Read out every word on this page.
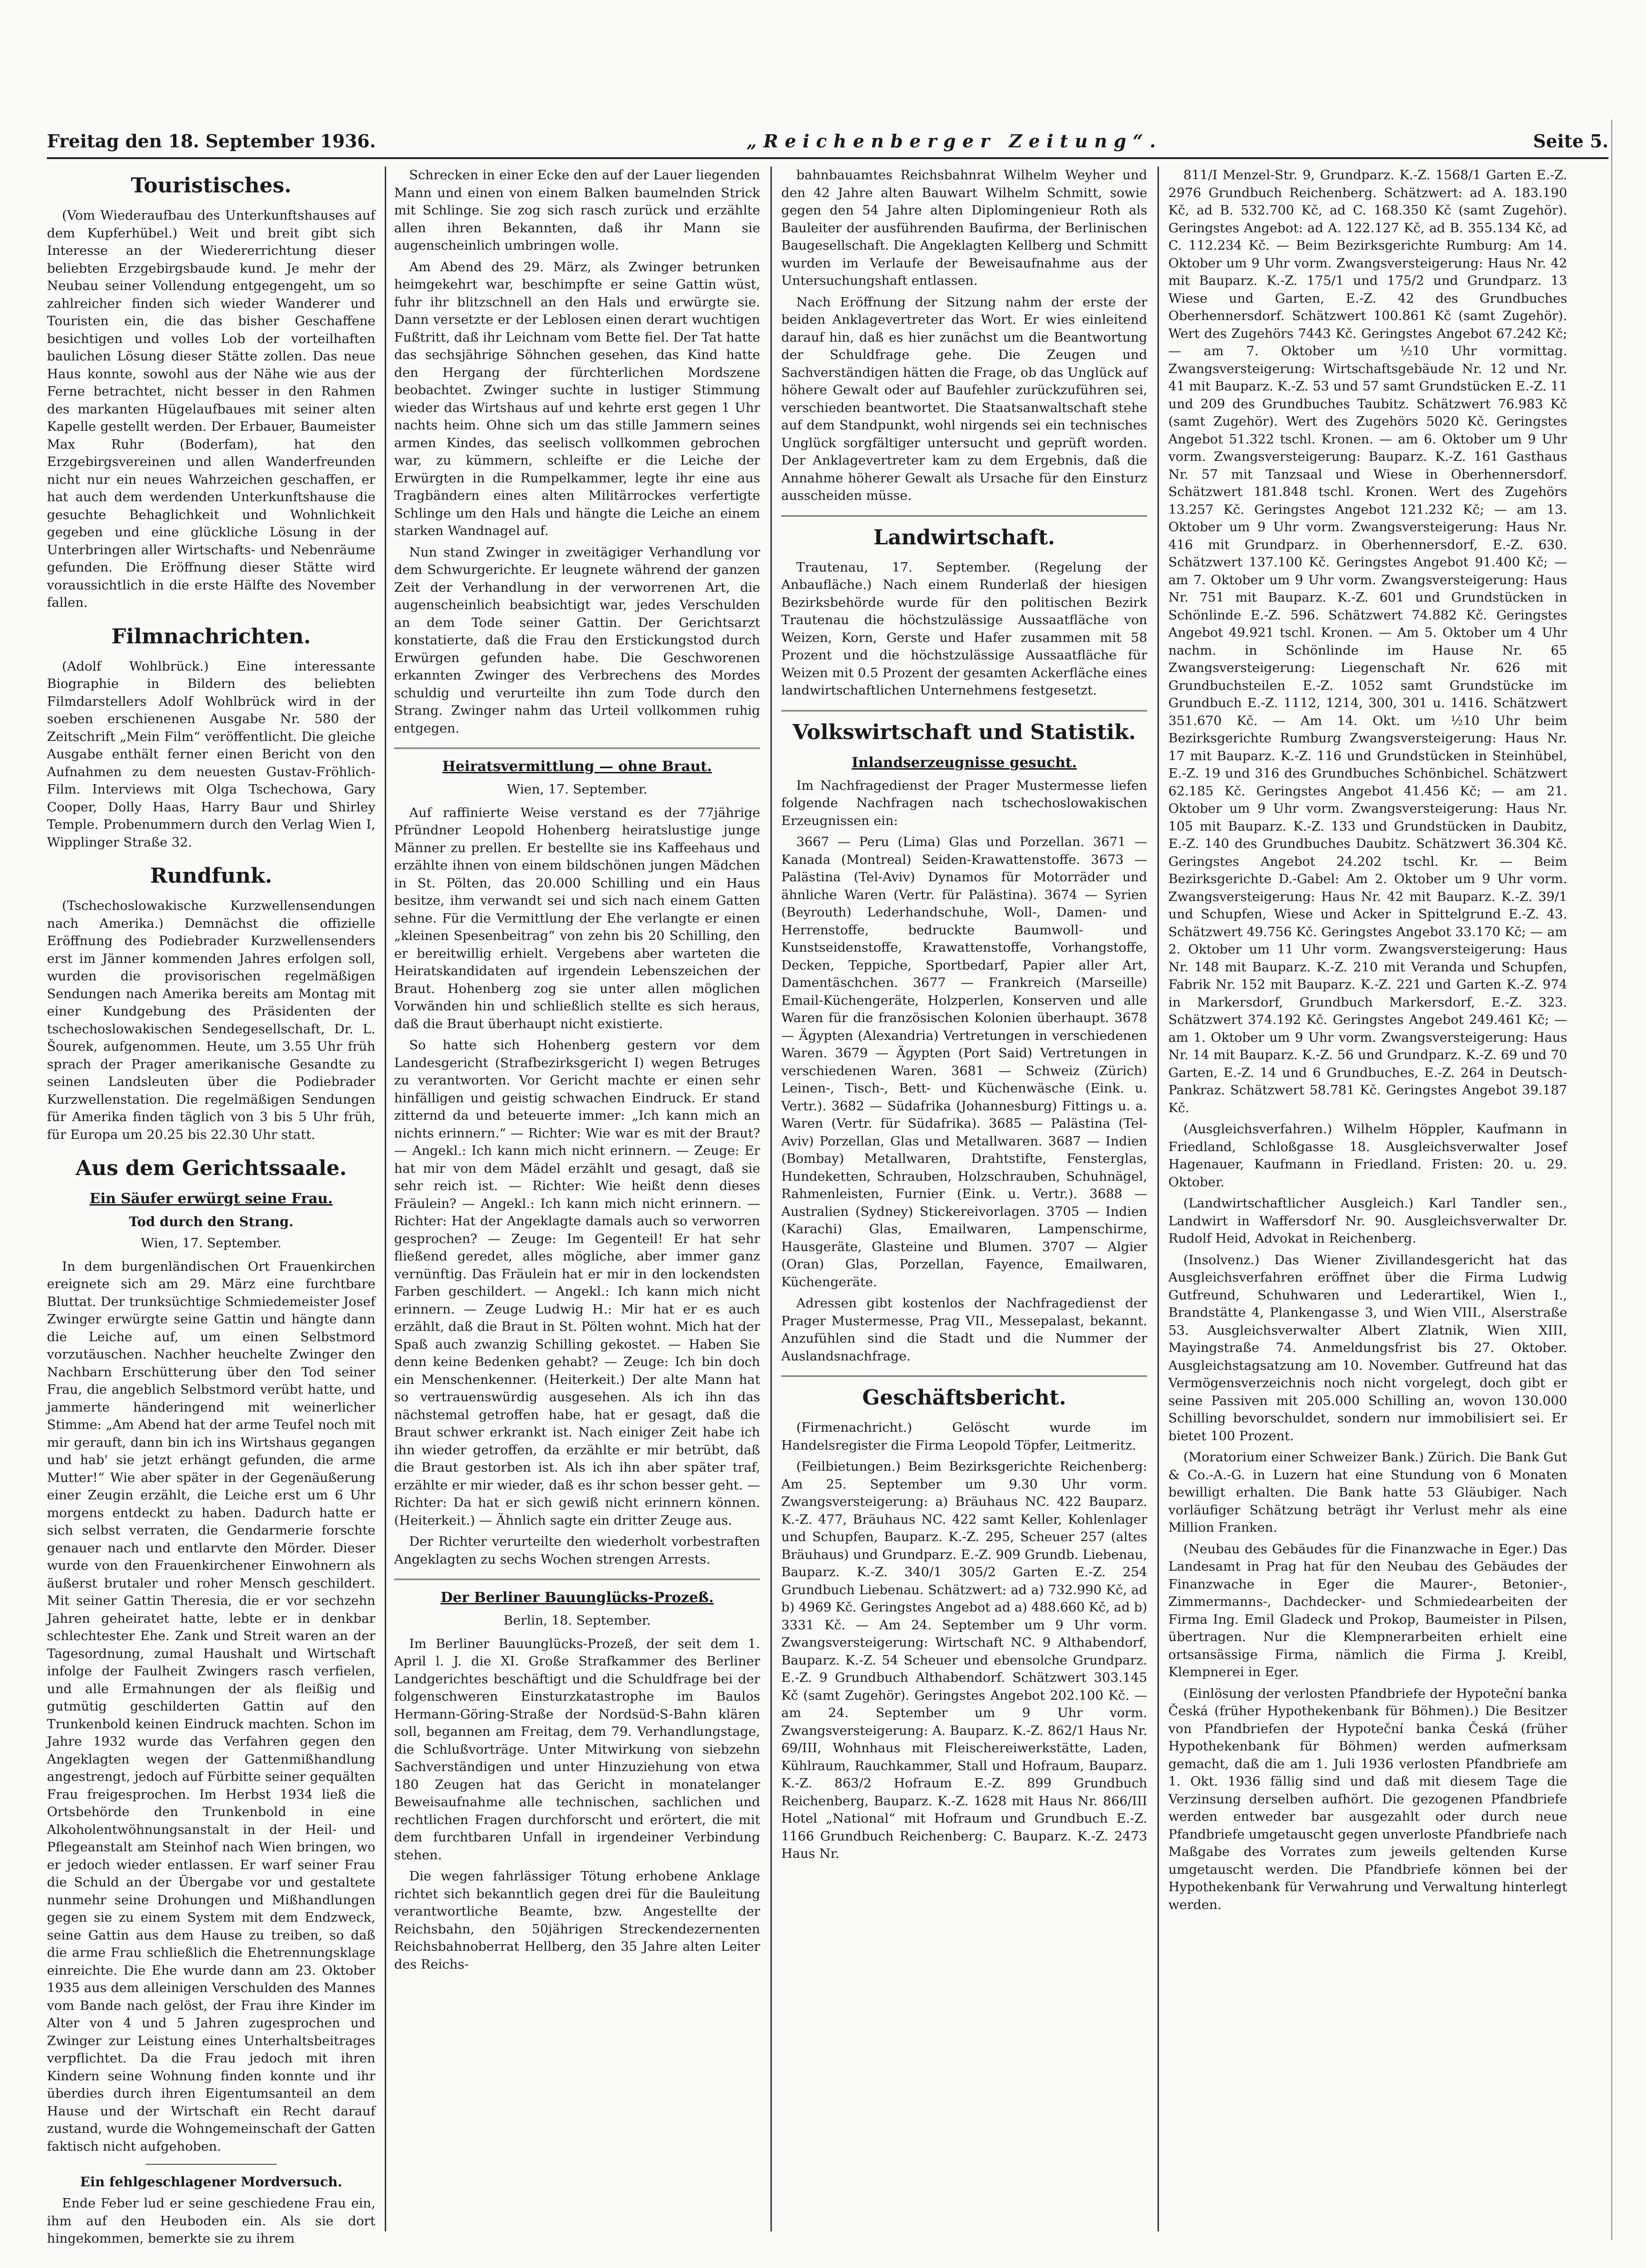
Freitag den 18. September 1936.	„Reichenberger Zeitung“.	Seite 5.
Touristisches.

(Vom Wiederaufbau des Unterkunftshauses auf dem Kupferhübel.) Weit und breit gibt sich Interesse an der Wiedererrichtung dieser beliebten Erzgebirgsbaude kund. Je mehr der Neubau seiner Vollendung entgegengeht, um so zahlreicher finden sich wieder Wanderer und Touristen ein, die das bisher Geschaffene besichtigen und volles Lob der vorteilhaften baulichen Lösung dieser Stätte zollen. Das neue Haus konnte, sowohl aus der Nähe wie aus der Ferne betrachtet, nicht besser in den Rahmen des markanten Hügelaufbaues mit seiner alten Kapelle gestellt werden. Der Erbauer, Baumeister Max Ruhr (Boderfam), hat den Erzgebirgsvereinen und allen Wanderfreunden nicht nur ein neues Wahrzeichen geschaffen, er hat auch dem werdenden Unterkunftshause die gesuchte Behaglichkeit und Wohnlichkeit gegeben und eine glückliche Lösung in der Unterbringen aller Wirtschafts- und Nebenräume gefunden. Die Eröffnung dieser Stätte wird voraussichtlich in die erste Hälfte des November fallen.

Filmnachrichten.

(Adolf Wohlbrück.) Eine interessante Biographie in Bildern des beliebten Filmdarstellers Adolf Wohlbrück wird in der soeben erschienenen Ausgabe Nr. 580 der Zeitschrift „Mein Film“ veröffentlicht. Die gleiche Ausgabe enthält ferner einen Bericht von den Aufnahmen zu dem neuesten Gustav-Fröhlich-Film. Interviews mit Olga Tschechowa, Gary Cooper, Dolly Haas, Harry Baur und Shirley Temple. Probenummern durch den Verlag Wien I, Wipplinger Straße 32.

Rundfunk.

(Tschechoslowakische Kurzwellensendungen nach Amerika.) Demnächst die offizielle Eröffnung des Podiebrader Kurzwellensenders erst im Jänner kommenden Jahres erfolgen soll, wurden die provisorischen regelmäßigen Sendungen nach Amerika bereits am Montag mit einer Kundgebung des Präsidenten der tschechoslowakischen Sendegesellschaft, Dr. L. Šourek, aufgenommen. Heute, um 3.55 Uhr früh sprach der Prager amerikanische Gesandte zu seinen Landsleuten über die Podiebrader Kurzwellenstation. Die regelmäßigen Sendungen für Amerika finden täglich von 3 bis 5 Uhr früh, für Europa um 20.25 bis 22.30 Uhr statt.

Aus dem Gerichtssaale.
Ein Säufer erwürgt seine Frau.
Tod durch den Strang.
Wien, 17. September.

In dem burgenländischen Ort Frauenkirchen ereignete sich am 29. März eine furchtbare Bluttat. Der trunksüchtige Schmiedemeister Josef Zwinger erwürgte seine Gattin und hängte dann die Leiche auf, um einen Selbstmord vorzutäuschen. Nachher heuchelte Zwinger den Nachbarn Erschütterung über den Tod seiner Frau, die angeblich Selbstmord verübt hatte, und jammerte händeringend mit weinerlicher Stimme: „Am Abend hat der arme Teufel noch mit mir gerauft, dann bin ich ins Wirtshaus gegangen und hab' sie jetzt erhängt gefunden, die arme Mutter!“ Wie aber später in der Gegenäußerung einer Zeugin erzählt, die Leiche erst um 6 Uhr morgens entdeckt zu haben. Dadurch hatte er sich selbst verraten, die Gendarmerie forschte genauer nach und entlarvte den Mörder. Dieser wurde von den Frauenkirchener Einwohnern als äußerst brutaler und roher Mensch geschildert. Mit seiner Gattin Theresia, die er vor sechzehn Jahren geheiratet hatte, lebte er in denkbar schlechtester Ehe. Zank und Streit waren an der Tagesordnung, zumal Haushalt und Wirtschaft infolge der Faulheit Zwingers rasch verfielen, und alle Ermahnungen der als fleißig und gutmütig geschilderten Gattin auf den Trunkenbold keinen Eindruck machten. Schon im Jahre 1932 wurde das Verfahren gegen den Angeklagten wegen der Gattenmißhandlung angestrengt, jedoch auf Fürbitte seiner gequälten Frau freigesprochen. Im Herbst 1934 ließ die Ortsbehörde den Trunkenbold in eine Alkoholentwöhnungsanstalt in der Heil- und Pflegeanstalt am Steinhof nach Wien bringen, wo er jedoch wieder entlassen. Er warf seiner Frau die Schuld an der Übergabe vor und gestaltete nunmehr seine Drohungen und Mißhandlungen gegen sie zu einem System mit dem Endzweck, seine Gattin aus dem Hause zu treiben, so daß die arme Frau schließlich die Ehetrennungsklage einreichte. Die Ehe wurde dann am 23. Oktober 1935 aus dem alleinigen Verschulden des Mannes vom Bande nach gelöst, der Frau ihre Kinder im Alter von 4 und 5 Jahren zugesprochen und Zwinger zur Leistung eines Unterhaltsbeitrages verpflichtet. Da die Frau jedoch mit ihren Kindern seine Wohnung finden konnte und ihr überdies durch ihren Eigentumsanteil an dem Hause und der Wirtschaft ein Recht darauf zustand, wurde die Wohngemeinschaft der Gatten faktisch nicht aufgehoben.

Ein fehlgeschlagener Mordversuch.

Ende Feber lud er seine geschiedene Frau ein, ihm auf den Heuboden ein. Als sie dort hingekommen, bemerkte sie zu ihrem

Schrecken in einer Ecke den auf der Lauer liegenden Mann und einen von einem Balken baumelnden Strick mit Schlinge. Sie zog sich rasch zurück und erzählte allen ihren Bekannten, daß ihr Mann sie augenscheinlich umbringen wolle.

Am Abend des 29. März, als Zwinger betrunken heimgekehrt war, beschimpfte er seine Gattin wüst, fuhr ihr blitzschnell an den Hals und erwürgte sie. Dann versetzte er der Leblosen einen derart wuchtigen Fußtritt, daß ihr Leichnam vom Bette fiel. Der Tat hatte das sechsjährige Söhnchen gesehen, das Kind hatte den Hergang der fürchterlichen Mordszene beobachtet. Zwinger suchte in lustiger Stimmung wieder das Wirtshaus auf und kehrte erst gegen 1 Uhr nachts heim. Ohne sich um das stille Jammern seines armen Kindes, das seelisch vollkommen gebrochen war, zu kümmern, schleifte er die Leiche der Erwürgten in die Rumpelkammer, legte ihr eine aus Tragbändern eines alten Militärrockes verfertigte Schlinge um den Hals und hängte die Leiche an einem starken Wandnagel auf.

Nun stand Zwinger in zweitägiger Verhandlung vor dem Schwurgerichte. Er leugnete während der ganzen Zeit der Verhandlung in der verworrenen Art, die augenscheinlich beabsichtigt war, jedes Verschulden an dem Tode seiner Gattin. Der Gerichtsarzt konstatierte, daß die Frau den Erstickungstod durch Erwürgen gefunden habe. Die Geschworenen erkannten Zwinger des Verbrechens des Mordes schuldig und verurteilte ihn zum Tode durch den Strang. Zwinger nahm das Urteil vollkommen ruhig entgegen.

Heiratsvermittlung — ohne Braut.
Wien, 17. September.

Auf raffinierte Weise verstand es der 77jährige Pfründner Leopold Hohenberg heiratslustige junge Männer zu prellen. Er bestellte sie ins Kaffeehaus und erzählte ihnen von einem bildschönen jungen Mädchen in St. Pölten, das 20.000 Schilling und ein Haus besitze, ihm verwandt sei und sich nach einem Gatten sehne. Für die Vermittlung der Ehe verlangte er einen „kleinen Spesenbeitrag“ von zehn bis 20 Schilling, den er bereitwillig erhielt. Vergebens aber warteten die Heiratskandidaten auf irgendein Lebenszeichen der Braut. Hohenberg zog sie unter allen möglichen Vorwänden hin und schließlich stellte es sich heraus, daß die Braut überhaupt nicht existierte.

So hatte sich Hohenberg gestern vor dem Landesgericht (Strafbezirksgericht I) wegen Betruges zu verantworten. Vor Gericht machte er einen sehr hinfälligen und geistig schwachen Eindruck. Er stand zitternd da und beteuerte immer: „Ich kann mich an nichts erinnern.“ — Richter: Wie war es mit der Braut? — Angekl.: Ich kann mich nicht erinnern. — Zeuge: Er hat mir von dem Mädel erzählt und gesagt, daß sie sehr reich ist. — Richter: Wie heißt denn dieses Fräulein? — Angekl.: Ich kann mich nicht erinnern. — Richter: Hat der Angeklagte damals auch so verworren gesprochen? — Zeuge: Im Gegenteil! Er hat sehr fließend geredet, alles mögliche, aber immer ganz vernünftig. Das Fräulein hat er mir in den lockendsten Farben geschildert. — Angekl.: Ich kann mich nicht erinnern. — Zeuge Ludwig H.: Mir hat er es auch erzählt, daß die Braut in St. Pölten wohnt. Mich hat der Spaß auch zwanzig Schilling gekostet. — Haben Sie denn keine Bedenken gehabt? — Zeuge: Ich bin doch ein Menschenkenner. (Heiterkeit.) Der alte Mann hat so vertrauenswürdig ausgesehen. Als ich ihn das nächstemal getroffen habe, hat er gesagt, daß die Braut schwer erkrankt ist. Nach einiger Zeit habe ich ihn wieder getroffen, da erzählte er mir betrübt, daß die Braut gestorben ist. Als ich ihn aber später traf, erzählte er mir wieder, daß es ihr schon besser geht. — Richter: Da hat er sich gewiß nicht erinnern können. (Heiterkeit.) — Ähnlich sagte ein dritter Zeuge aus.

Der Richter verurteilte den wiederholt vorbestraften Angeklagten zu sechs Wochen strengen Arrests.

Der Berliner Bauunglücks-Prozeß.
Berlin, 18. September.

Im Berliner Bauunglücks-Prozeß, der seit dem 1. April l. J. die XI. Große Strafkammer des Berliner Landgerichtes beschäftigt und die Schuldfrage bei der folgenschweren Einsturzkatastrophe im Baulos Hermann-Göring-Straße der Nordsüd-S-Bahn klären soll, begannen am Freitag, dem 79. Verhandlungstage, die Schlußvorträge. Unter Mitwirkung von siebzehn Sachverständigen und unter Hinzuziehung von etwa 180 Zeugen hat das Gericht in monatelanger Beweisaufnahme alle technischen, sachlichen und rechtlichen Fragen durchforscht und erörtert, die mit dem furchtbaren Unfall in irgendeiner Verbindung stehen.

Die wegen fahrlässiger Tötung erhobene Anklage richtet sich bekanntlich gegen drei für die Bauleitung verantwortliche Beamte, bzw. Angestellte der Reichsbahn, den 50jährigen Streckendezernenten Reichsbahnoberrat Hellberg, den 35 Jahre alten Leiter des Reichs-

bahnbauamtes Reichsbahnrat Wilhelm Weyher und den 42 Jahre alten Bauwart Wilhelm Schmitt, sowie gegen den 54 Jahre alten Diplomingenieur Roth als Bauleiter der ausführenden Baufirma, der Berlinischen Baugesellschaft. Die Angeklagten Kellberg und Schmitt wurden im Verlaufe der Beweisaufnahme aus der Untersuchungshaft entlassen.

Nach Eröffnung der Sitzung nahm der erste der beiden Anklagevertreter das Wort. Er wies einleitend darauf hin, daß es hier zunächst um die Beantwortung der Schuldfrage gehe. Die Zeugen und Sachverständigen hätten die Frage, ob das Unglück auf höhere Gewalt oder auf Baufehler zurückzuführen sei, verschieden beantwortet. Die Staatsanwaltschaft stehe auf dem Standpunkt, wohl nirgends sei ein technisches Unglück sorgfältiger untersucht und geprüft worden. Der Anklagevertreter kam zu dem Ergebnis, daß die Annahme höherer Gewalt als Ursache für den Einsturz ausscheiden müsse.

Landwirtschaft.

Trautenau, 17. September. (Regelung der Anbaufläche.) Nach einem Runderlaß der hiesigen Bezirksbehörde wurde für den politischen Bezirk Trautenau die höchstzulässige Aussaatfläche von Weizen, Korn, Gerste und Hafer zusammen mit 58 Prozent und die höchstzulässige Aussaatfläche für Weizen mit 0.5 Prozent der gesamten Ackerfläche eines landwirtschaftlichen Unternehmens festgesetzt.

Volkswirtschaft und Statistik.
Inlandserzeugnisse gesucht.

Im Nachfragedienst der Prager Mustermesse liefen folgende Nachfragen nach tschechoslowakischen Erzeugnissen ein:

3667 — Peru (Lima) Glas und Porzellan. 3671 — Kanada (Montreal) Seiden-Krawattenstoffe. 3673 — Palästina (Tel-Aviv) Dynamos für Motorräder und ähnliche Waren (Vertr. für Palästina). 3674 — Syrien (Beyrouth) Lederhandschuhe, Woll-, Damen- und Herrenstoffe, bedruckte Baumwoll- und Kunstseidenstoffe, Krawattenstoffe, Vorhangstoffe, Decken, Teppiche, Sportbedarf, Papier aller Art, Damentäschchen. 3677 — Frankreich (Marseille) Email-Küchengeräte, Holzperlen, Konserven und alle Waren für die französischen Kolonien überhaupt. 3678 — Ägypten (Alexandria) Vertretungen in verschiedenen Waren. 3679 — Ägypten (Port Said) Vertretungen in verschiedenen Waren. 3681 — Schweiz (Zürich) Leinen-, Tisch-, Bett- und Küchenwäsche (Eink. u. Vertr.). 3682 — Südafrika (Johannesburg) Fittings u. a. Waren (Vertr. für Südafrika). 3685 — Palästina (Tel-Aviv) Porzellan, Glas und Metallwaren. 3687 — Indien (Bombay) Metallwaren, Drahtstifte, Fensterglas, Hundeketten, Schrauben, Holzschrauben, Schuhnägel, Rahmenleisten, Furnier (Eink. u. Vertr.). 3688 — Australien (Sydney) Stickereivorlagen. 3705 — Indien (Karachi) Glas, Emailwaren, Lampenschirme, Hausgeräte, Glasteine und Blumen. 3707 — Algier (Oran) Glas, Porzellan, Fayence, Emailwaren, Küchengeräte.

Adressen gibt kostenlos der Nachfragedienst der Prager Mustermesse, Prag VII., Messepalast, bekannt. Anzufühlen sind die Stadt und die Nummer der Auslandsnachfrage.

Geschäftsbericht.

(Firmenachricht.) Gelöscht wurde im Handelsregister die Firma Leopold Töpfer, Leitmeritz.

(Feilbietungen.) Beim Bezirksgerichte Reichenberg: Am 25. September um 9.30 Uhr vorm. Zwangsversteigerung: a) Bräuhaus NC. 422 Bauparz. K.-Z. 477, Bräuhaus NC. 422 samt Keller, Kohlenlager und Schupfen, Bauparz. K.-Z. 295, Scheuer 257 (altes Bräuhaus) und Grundparz. E.-Z. 909 Grundb. Liebenau, Bauparz. K.-Z. 340/1 305/2 Garten E.-Z. 254 Grundbuch Liebenau. Schätzwert: ad a) 732.990 Kč, ad b) 4969 Kč. Geringstes Angebot ad a) 488.660 Kč, ad b) 3331 Kč. — Am 24. September um 9 Uhr vorm. Zwangsversteigerung: Wirtschaft NC. 9 Althabendorf, Bauparz. K.-Z. 54 Scheuer und ebensolche Grundparz. E.-Z. 9 Grundbuch Althabendorf. Schätzwert 303.145 Kč (samt Zugehör). Geringstes Angebot 202.100 Kč. — am 24. September um 9 Uhr vorm. Zwangsversteigerung: A. Bauparz. K.-Z. 862/1 Haus Nr. 69/III, Wohnhaus mit Fleischereiwerkstätte, Laden, Kühlraum, Rauchkammer, Stall und Hofraum, Bauparz. K.-Z. 863/2 Hofraum E.-Z. 899 Grundbuch Reichenberg, Bauparz. K.-Z. 1628 mit Haus Nr. 866/III Hotel „National“ mit Hofraum und Grundbuch E.-Z. 1166 Grundbuch Reichenberg: C. Bauparz. K.-Z. 2473 Haus Nr.

811/I Menzel-Str. 9, Grundparz. K.-Z. 1568/1 Garten E.-Z. 2976 Grundbuch Reichenberg. Schätzwert: ad A. 183.190 Kč, ad B. 532.700 Kč, ad C. 168.350 Kč (samt Zugehör). Geringstes Angebot: ad A. 122.127 Kč, ad B. 355.134 Kč, ad C. 112.234 Kč. — Beim Bezirksgerichte Rumburg: Am 14. Oktober um 9 Uhr vorm. Zwangsversteigerung: Haus Nr. 42 mit Bauparz. K.-Z. 175/1 und 175/2 und Grundparz. 13 Wiese und Garten, E.-Z. 42 des Grundbuches Oberhennersdorf. Schätzwert 100.861 Kč (samt Zugehör). Wert des Zugehörs 7443 Kč. Geringstes Angebot 67.242 Kč; — am 7. Oktober um ½10 Uhr vormittag. Zwangsversteigerung: Wirtschaftsgebäude Nr. 12 und Nr. 41 mit Bauparz. K.-Z. 53 und 57 samt Grundstücken E.-Z. 11 und 209 des Grundbuches Taubitz. Schätzwert 76.983 Kč (samt Zugehör). Wert des Zugehörs 5020 Kč. Geringstes Angebot 51.322 tschl. Kronen. — am 6. Oktober um 9 Uhr vorm. Zwangsversteigerung: Bauparz. K.-Z. 161 Gasthaus Nr. 57 mit Tanzsaal und Wiese in Oberhennersdorf. Schätzwert 181.848 tschl. Kronen. Wert des Zugehörs 13.257 Kč. Geringstes Angebot 121.232 Kč; — am 13. Oktober um 9 Uhr vorm. Zwangsversteigerung: Haus Nr. 416 mit Grundparz. in Oberhennersdorf, E.-Z. 630. Schätzwert 137.100 Kč. Geringstes Angebot 91.400 Kč; — am 7. Oktober um 9 Uhr vorm. Zwangsversteigerung: Haus Nr. 751 mit Bauparz. K.-Z. 601 und Grundstücken in Schönlinde E.-Z. 596. Schätzwert 74.882 Kč. Geringstes Angebot 49.921 tschl. Kronen. — Am 5. Oktober um 4 Uhr nachm. in Schönlinde im Hause Nr. 65 Zwangsversteigerung: Liegenschaft Nr. 626 mit Grundbuchsteilen E.-Z. 1052 samt Grundstücke im Grundbuch E.-Z. 1112, 1214, 300, 301 u. 1416. Schätzwert 351.670 Kč. — Am 14. Okt. um ½10 Uhr beim Bezirksgerichte Rumburg Zwangsversteigerung: Haus Nr. 17 mit Bauparz. K.-Z. 116 und Grundstücken in Steinhübel, E.-Z. 19 und 316 des Grundbuches Schönbichel. Schätzwert 62.185 Kč. Geringstes Angebot 41.456 Kč; — am 21. Oktober um 9 Uhr vorm. Zwangsversteigerung: Haus Nr. 105 mit Bauparz. K.-Z. 133 und Grundstücken in Daubitz, E.-Z. 140 des Grundbuches Daubitz. Schätzwert 36.304 Kč. Geringstes Angebot 24.202 tschl. Kr. — Beim Bezirksgerichte D.-Gabel: Am 2. Oktober um 9 Uhr vorm. Zwangsversteigerung: Haus Nr. 42 mit Bauparz. K.-Z. 39/1 und Schupfen, Wiese und Acker in Spittelgrund E.-Z. 43. Schätzwert 49.756 Kč. Geringstes Angebot 33.170 Kč; — am 2. Oktober um 11 Uhr vorm. Zwangsversteigerung: Haus Nr. 148 mit Bauparz. K.-Z. 210 mit Veranda und Schupfen, Fabrik Nr. 152 mit Bauparz. K.-Z. 221 und Garten K.-Z. 974 in Markersdorf, Grundbuch Markersdorf, E.-Z. 323. Schätzwert 374.192 Kč. Geringstes Angebot 249.461 Kč; — am 1. Oktober um 9 Uhr vorm. Zwangsversteigerung: Haus Nr. 14 mit Bauparz. K.-Z. 56 und Grundparz. K.-Z. 69 und 70 Garten, E.-Z. 14 und 6 Grundbuches, E.-Z. 264 in Deutsch-Pankraz. Schätzwert 58.781 Kč. Geringstes Angebot 39.187 Kč.

(Ausgleichsverfahren.) Wilhelm Höppler, Kaufmann in Friedland, Schloßgasse 18. Ausgleichsverwalter Josef Hagenauer, Kaufmann in Friedland. Fristen: 20. u. 29. Oktober.

(Landwirtschaftlicher Ausgleich.) Karl Tandler sen., Landwirt in Waffersdorf Nr. 90. Ausgleichsverwalter Dr. Rudolf Heid, Advokat in Reichenberg.

(Insolvenz.) Das Wiener Zivillandesgericht hat das Ausgleichsverfahren eröffnet über die Firma Ludwig Gutfreund, Schuhwaren und Lederartikel, Wien I., Brandstätte 4, Plankengasse 3, und Wien VIII., Alserstraße 53. Ausgleichsverwalter Albert Zlatnik, Wien XIII, Mayingstraße 74. Anmeldungsfrist bis 27. Oktober. Ausgleichstagsatzung am 10. November. Gutfreund hat das Vermögensverzeichnis noch nicht vorgelegt, doch gibt er seine Passiven mit 205.000 Schilling an, wovon 130.000 Schilling bevorschuldet, sondern nur immobilisiert sei. Er bietet 100 Prozent.

(Moratorium einer Schweizer Bank.) Zürich. Die Bank Gut & Co.-A.-G. in Luzern hat eine Stundung von 6 Monaten bewilligt erhalten. Die Bank hatte 53 Gläubiger. Nach vorläufiger Schätzung beträgt ihr Verlust mehr als eine Million Franken.

(Neubau des Gebäudes für die Finanzwache in Eger.) Das Landesamt in Prag hat für den Neubau des Gebäudes der Finanzwache in Eger die Maurer-, Betonier-, Zimmermanns-, Dachdecker- und Schmiedearbeiten der Firma Ing. Emil Gladeck und Prokop, Baumeister in Pilsen, übertragen. Nur die Klempnerarbeiten erhielt eine ortsansässige Firma, nämlich die Firma J. Kreibl, Klempnerei in Eger.

(Einlösung der verlosten Pfandbriefe der Hypoteční banka Česká (früher Hypothekenbank für Böhmen).) Die Besitzer von Pfandbriefen der Hypoteční banka Česká (früher Hypothekenbank für Böhmen) werden aufmerksam gemacht, daß die am 1. Juli 1936 verlosten Pfandbriefe am 1. Okt. 1936 fällig sind und daß mit diesem Tage die Verzinsung derselben aufhört. Die gezogenen Pfandbriefe werden entweder bar ausgezahlt oder durch neue Pfandbriefe umgetauscht gegen unverloste Pfandbriefe nach Maßgabe des Vorrates zum jeweils geltenden Kurse umgetauscht werden. Die Pfandbriefe können bei der Hypothekenbank für Verwahrung und Verwaltung hinterlegt werden.
